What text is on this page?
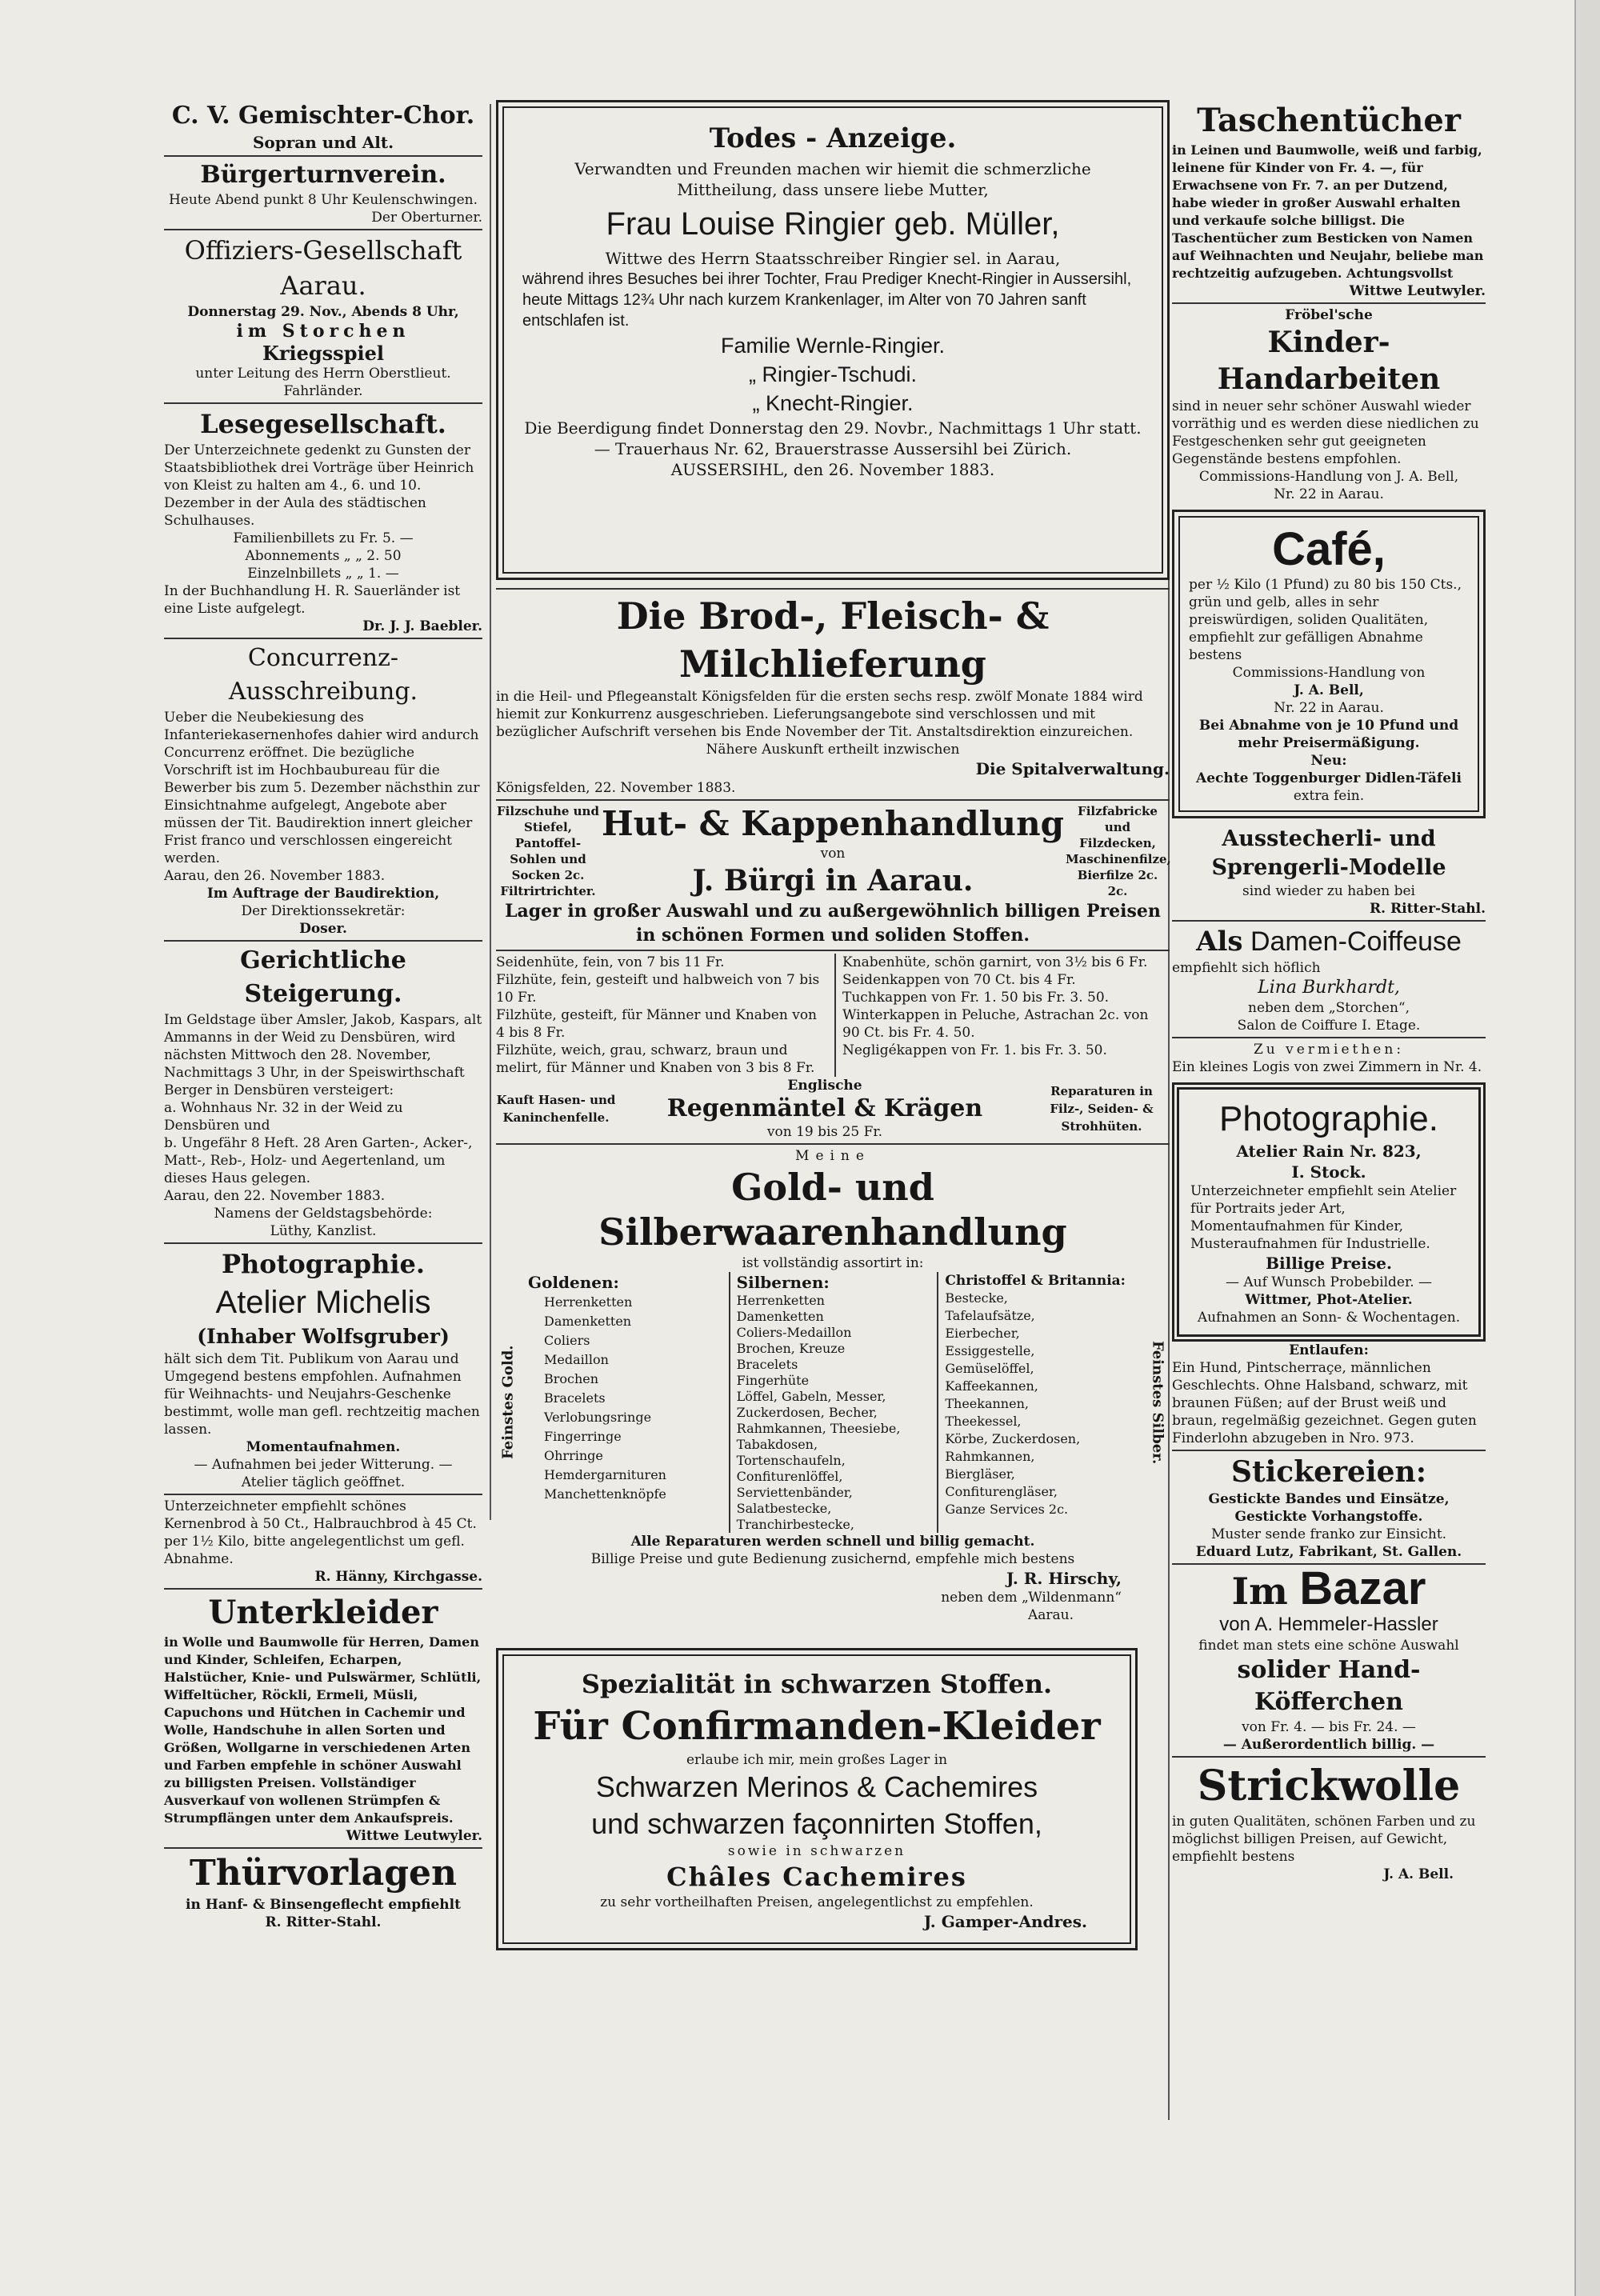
C. V. Gemischter-Chor.

Sopran und Alt.

Bürgerturnverein.

Heute Abend punkt 8 Uhr Keulenschwingen.

Der Oberturner.

Offiziers-Gesellschaft Aarau.

Donnerstag 29. Nov., Abends 8 Uhr,

im Storchen

Kriegsspiel

unter Leitung des Herrn Oberstlieut.

Fahrländer.

Lesegesellschaft.

Der Unterzeichnete gedenkt zu Gunsten der Staatsbibliothek drei Vorträge über Heinrich von Kleist zu halten am 4., 6. und 10. Dezember in der Aula des städtischen Schulhauses.

Familienbillets zu Fr. 5. —

Abonnements „ „ 2. 50

Einzelnbillets „ „ 1. —

In der Buchhandlung H. R. Sauerländer ist eine Liste aufgelegt.

Dr. J. J. Baebler.

Concurrenz-Ausschreibung.

Ueber die Neubekiesung des Infanteriekasernenhofes dahier wird andurch Concurrenz eröffnet. Die bezügliche Vorschrift ist im Hochbaubureau für die Bewerber bis zum 5. Dezember nächsthin zur Einsichtnahme aufgelegt, Angebote aber müssen der Tit. Baudirektion innert gleicher Frist franco und verschlossen eingereicht werden.

Aarau, den 26. November 1883.

Im Auftrage der Baudirektion,

Der Direktionssekretär:

Doser.

Gerichtliche Steigerung.

Im Geldstage über Amsler, Jakob, Kaspars, alt Ammanns in der Weid zu Densbüren, wird nächsten Mittwoch den 28. November, Nachmittags 3 Uhr, in der Speiswirthschaft Berger in Densbüren versteigert:

a. Wohnhaus Nr. 32 in der Weid zu Densbüren und

b. Ungefähr 8 Heft. 28 Aren Garten-, Acker-, Matt-, Reb-, Holz- und Aegertenland, um dieses Haus gelegen.

Aarau, den 22. November 1883.

Namens der Geldstagsbehörde:

Lüthy, Kanzlist.

Photographie.

Atelier Michelis

(Inhaber Wolfsgruber)

hält sich dem Tit. Publikum von Aarau und Umgegend bestens empfohlen. Aufnahmen für Weihnachts- und Neujahrs-Geschenke bestimmt, wolle man gefl. rechtzeitig machen lassen.

Momentaufnahmen.

— Aufnahmen bei jeder Witterung. —

Atelier täglich geöffnet.

Unterzeichneter empfiehlt schönes Kernenbrod à 50 Ct., Halbrauchbrod à 45 Ct. per 1½ Kilo, bitte angelegentlichst um gefl. Abnahme.

R. Hänny, Kirchgasse.

Unterkleider

in Wolle und Baumwolle für Herren, Damen und Kinder, Schleifen, Echarpen, Halstücher, Knie- und Pulswärmer, Schlütli, Wiffeltücher, Röckli, Ermeli, Müsli, Capuchons und Hütchen in Cachemir und Wolle, Handschuhe in allen Sorten und Größen, Wollgarne in verschiedenen Arten und Farben empfehle in schöner Auswahl zu billigsten Preisen. Vollständiger Ausverkauf von wollenen Strümpfen & Strumpflängen unter dem Ankaufspreis.

Wittwe Leutwyler.

Thürvorlagen

in Hanf- & Binsengeflecht empfiehlt

R. Ritter-Stahl.

Todes - Anzeige.

Verwandten und Freunden machen wir hiemit die schmerzliche Mittheilung, dass unsere liebe Mutter,

Frau Louise Ringier geb. Müller,

Wittwe des Herrn Staatsschreiber Ringier sel. in Aarau,

während ihres Besuches bei ihrer Tochter, Frau Prediger Knecht-Ringier in Aussersihl, heute Mittags 12¾ Uhr nach kurzem Krankenlager, im Alter von 70 Jahren sanft entschlafen ist.

Familie Wernle-Ringier.

„ Ringier-Tschudi.

„ Knecht-Ringier.

Die Beerdigung findet Donnerstag den 29. Novbr., Nachmittags 1 Uhr statt. — Trauerhaus Nr. 62, Brauerstrasse Aussersihl bei Zürich.

AUSSERSIHL, den 26. November 1883.

Die Brod-, Fleisch- & Milchlieferung

in die Heil- und Pflegeanstalt Königsfelden für die ersten sechs resp. zwölf Monate 1884 wird hiemit zur Konkurrenz ausgeschrieben. Lieferungsangebote sind verschlossen und mit bezüglicher Aufschrift versehen bis Ende November der Tit. Anstaltsdirektion einzureichen.

Nähere Auskunft ertheilt inzwischen

Die Spitalverwaltung.

Königsfelden, 22. November 1883.

Filzschuhe und Stiefel, Pantoffel-Sohlen und Socken 2c. Filtrirtrichter.

Hut- & Kappenhandlung

von

J. Bürgi in Aarau.

Filzfabricke und Filzdecken, Maschinenfilze, Bierfilze 2c. 2c.

Lager in großer Auswahl und zu außergewöhnlich billigen Preisen in schönen Formen und soliden Stoffen.

Seidenhüte, fein, von 7 bis 11 Fr.

Filzhüte, fein, gesteift und halbweich von 7 bis 10 Fr.

Filzhüte, gesteift, für Männer und Knaben von 4 bis 8 Fr.

Filzhüte, weich, grau, schwarz, braun und melirt, für Männer und Knaben von 3 bis 8 Fr.

Knabenhüte, schön garnirt, von 3½ bis 6 Fr.

Seidenkappen von 70 Ct. bis 4 Fr.

Tuchkappen von Fr. 1. 50 bis Fr. 3. 50.

Winterkappen in Peluche, Astrachan 2c. von 90 Ct. bis Fr. 4. 50.

Negligékappen von Fr. 1. bis Fr. 3. 50.

Kauft Hasen- und Kaninchenfelle.

Englische

Regenmäntel & Krägen

von 19 bis 25 Fr.

Reparaturen in Filz-, Seiden- & Strohhüten.

Meine

Gold- und Silberwaarenhandlung

ist vollständig assortirt in:

Feinstes Gold.

Goldenen:

Herrenketten

Damenketten

Coliers

Medaillon

Brochen

Bracelets

Verlobungsringe

Fingerringe

Ohrringe

Hemdergarnituren

Manchettenknöpfe

Silbernen:

Herrenketten

Damenketten

Coliers-Medaillon

Brochen, Kreuze

Bracelets

Fingerhüte

Löffel, Gabeln, Messer,

Zuckerdosen, Becher,

Rahmkannen, Theesiebe,

Tabakdosen,

Tortenschaufeln,

Confiturenlöffel,

Serviettenbänder,

Salatbestecke,

Tranchirbestecke,

Christoffel & Britannia:

Bestecke,

Tafelaufsätze,

Eierbecher,

Essiggestelle,

Gemüselöffel,

Kaffeekannen,

Theekannen,

Theekessel,

Körbe, Zuckerdosen,

Rahmkannen,

Biergläser,

Confiturengläser,

Ganze Services 2c.

Feinstes Silber.

Alle Reparaturen werden schnell und billig gemacht.

Billige Preise und gute Bedienung zusichernd, empfehle mich bestens

J. R. Hirschy,

neben dem „Wildenmann“

Aarau.

Spezialität in schwarzen Stoffen.

Für Confirmanden-Kleider

erlaube ich mir, mein großes Lager in

Schwarzen Merinos & Cachemires

und schwarzen façonnirten Stoffen,

sowie in schwarzen

Châles Cachemires

zu sehr vortheilhaften Preisen, angelegentlichst zu empfehlen.

J. Gamper-Andres.

Taschentücher

in Leinen und Baumwolle, weiß und farbig, leinene für Kinder von Fr. 4. —, für Erwachsene von Fr. 7. an per Dutzend, habe wieder in großer Auswahl erhalten und verkaufe solche billigst. Die Taschentücher zum Besticken von Namen auf Weihnachten und Neujahr, beliebe man rechtzeitig aufzugeben. Achtungsvollst

Wittwe Leutwyler.

Fröbel'sche

Kinder-Handarbeiten

sind in neuer sehr schöner Auswahl wieder vorräthig und es werden diese niedlichen zu Festgeschenken sehr gut geeigneten Gegenstände bestens empfohlen.

Commissions-Handlung von J. A. Bell,

Nr. 22 in Aarau.

Café,

per ½ Kilo (1 Pfund) zu 80 bis 150 Cts., grün und gelb, alles in sehr preiswürdigen, soliden Qualitäten, empfiehlt zur gefälligen Abnahme bestens

Commissions-Handlung von

J. A. Bell,

Nr. 22 in Aarau.

Bei Abnahme von je 10 Pfund und mehr Preisermäßigung.

Neu:

Aechte Toggenburger Didlen-Täfeli

extra fein.

Ausstecherli- und Sprengerli-Modelle

sind wieder zu haben bei

R. Ritter-Stahl.

Als Damen-Coiffeuse

empfiehlt sich höflich

Lina Burkhardt,

neben dem „Storchen“,

Salon de Coiffure I. Etage.

Zu vermiethen:

Ein kleines Logis von zwei Zimmern in Nr. 4.

Photographie.

Atelier Rain Nr. 823,

I. Stock.

Unterzeichneter empfiehlt sein Atelier für Portraits jeder Art, Momentaufnahmen für Kinder, Musteraufnahmen für Industrielle.

Billige Preise.

— Auf Wunsch Probebilder. —

Wittmer, Phot-Atelier.

Aufnahmen an Sonn- & Wochentagen.

Entlaufen:

Ein Hund, Pintscherraçe, männlichen Geschlechts. Ohne Halsband, schwarz, mit braunen Füßen; auf der Brust weiß und braun, regelmäßig gezeichnet. Gegen guten Finderlohn abzugeben in Nro. 973.

Stickereien:

Gestickte Bandes und Einsätze,

Gestickte Vorhangstoffe.

Muster sende franko zur Einsicht.

Eduard Lutz, Fabrikant, St. Gallen.

Im Bazar

von A. Hemmeler-Hassler

findet man stets eine schöne Auswahl

solider Hand-Köfferchen

von Fr. 4. — bis Fr. 24. —

— Außerordentlich billig. —

Strickwolle

in guten Qualitäten, schönen Farben und zu möglichst billigen Preisen, auf Gewicht, empfiehlt bestens

J. A. Bell.
